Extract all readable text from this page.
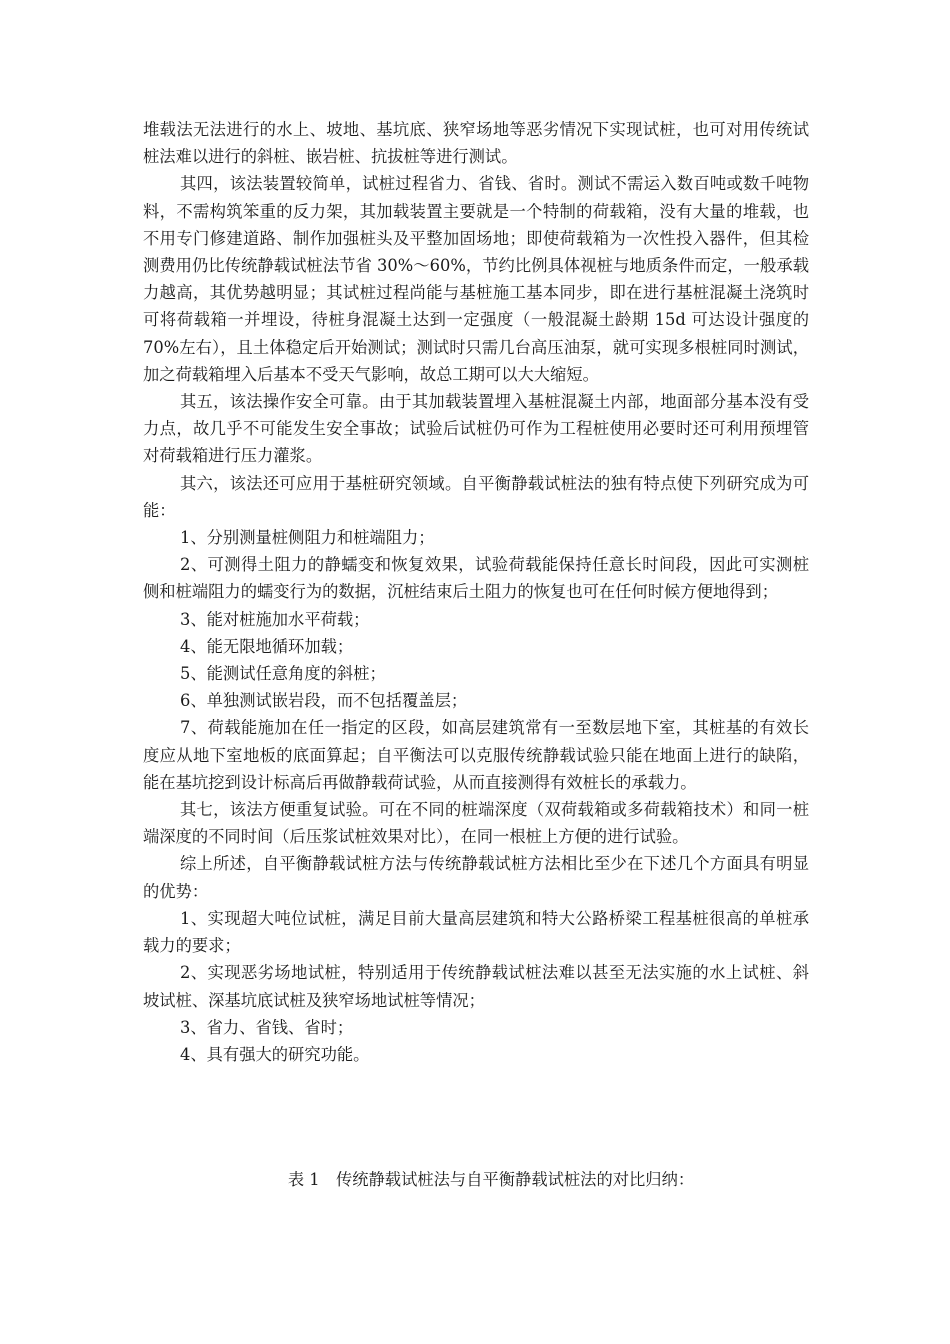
堆载法无法进行的水上、坡地、基坑底、狭窄场地等恶劣情况下实现试桩，也可对用传统试桩法难以进行的斜桩、嵌岩桩、抗拔桩等进行测试。

其四，该法装置较简单，试桩过程省力、省钱、省时。测试不需运入数百吨或数千吨物料，不需构筑笨重的反力架，其加载装置主要就是一个特制的荷载箱，没有大量的堆载，也不用专门修建道路、制作加强桩头及平整加固场地；即使荷载箱为一次性投入器件，但其检测费用仍比传统静载试桩法节省 30%～60%，节约比例具体视桩与地质条件而定，一般承载力越高，其优势越明显；其试桩过程尚能与基桩施工基本同步，即在进行基桩混凝土浇筑时可将荷载箱一并埋设，待桩身混凝土达到一定强度（一般混凝土龄期 15d 可达设计强度的 70%左右），且土体稳定后开始测试；测试时只需几台高压油泵，就可实现多根桩同时测试，加之荷载箱埋入后基本不受天气影响，故总工期可以大大缩短。

其五，该法操作安全可靠。由于其加载装置埋入基桩混凝土内部，地面部分基本没有受力点，故几乎不可能发生安全事故；试验后试桩仍可作为工程桩使用必要时还可利用预埋管对荷载箱进行压力灌浆。

其六，该法还可应用于基桩研究领域。自平衡静载试桩法的独有特点使下列研究成为可能：

1、分别测量桩侧阻力和桩端阻力；

2、可测得土阻力的静蠕变和恢复效果，试验荷载能保持任意长时间段，因此可实测桩侧和桩端阻力的蠕变行为的数据，沉桩结束后土阻力的恢复也可在任何时候方便地得到；

3、能对桩施加水平荷载；

4、能无限地循环加载；

5、能测试任意角度的斜桩；

6、单独测试嵌岩段，而不包括覆盖层；

7、荷载能施加在任一指定的区段，如高层建筑常有一至数层地下室，其桩基的有效长度应从地下室地板的底面算起；自平衡法可以克服传统静载试验只能在地面上进行的缺陷，能在基坑挖到设计标高后再做静载荷试验，从而直接测得有效桩长的承载力。

其七，该法方便重复试验。可在不同的桩端深度（双荷载箱或多荷载箱技术）和同一桩端深度的不同时间（后压浆试桩效果对比），在同一根桩上方便的进行试验。

综上所述，自平衡静载试桩方法与传统静载试桩方法相比至少在下述几个方面具有明显的优势：

1、实现超大吨位试桩，满足目前大量高层建筑和特大公路桥梁工程基桩很高的单桩承载力的要求；

2、实现恶劣场地试桩，特别适用于传统静载试桩法难以甚至无法实施的水上试桩、斜坡试桩、深基坑底试桩及狭窄场地试桩等情况；

3、省力、省钱、省时；

4、具有强大的研究功能。

表 1　传统静载试桩法与自平衡静载试桩法的对比归纳：
